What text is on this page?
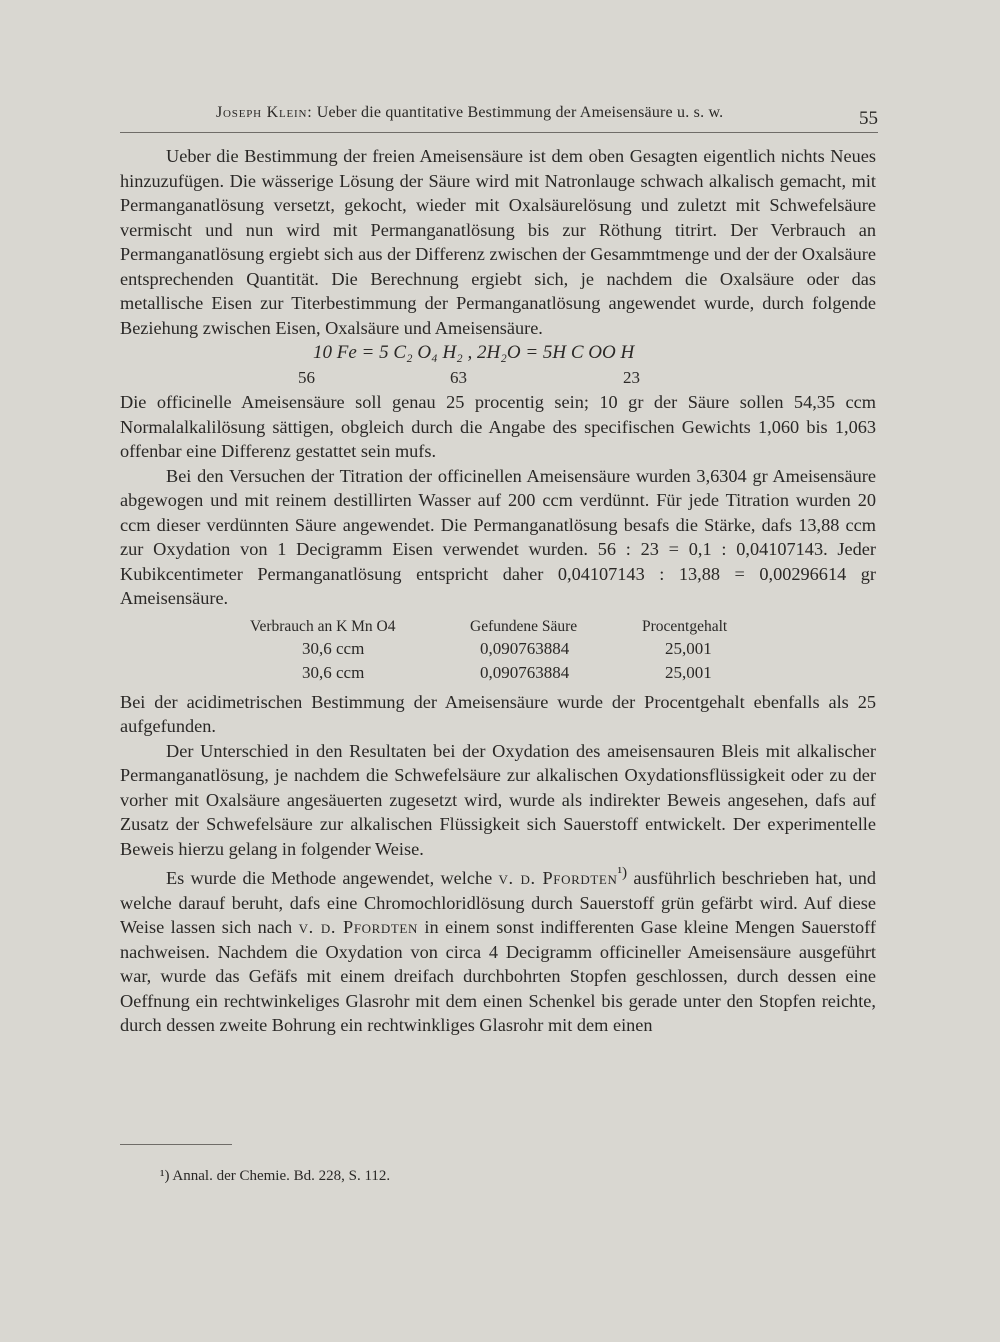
Joseph Klein: Ueber die quantitative Bestimmung der Ameisensäure u. s. w.	55

Ueber die Bestimmung der freien Ameisensäure ist dem oben Gesagten eigentlich nichts Neues hinzuzufügen. Die wässerige Lösung der Säure wird mit Natronlauge schwach alkalisch gemacht, mit Permanganatlösung versetzt, gekocht, wieder mit Oxalsäurelösung und zuletzt mit Schwefelsäure vermischt und nun wird mit Permanganatlösung bis zur Röthung titrirt. Der Verbrauch an Permanganatlösung ergiebt sich aus der Differenz zwischen der Gesammtmenge und der der Oxalsäure entsprechenden Quantität. Die Berechnung ergiebt sich, je nachdem die Oxalsäure oder das metallische Eisen zur Titerbestimmung der Permanganatlösung angewendet wurde, durch folgende Beziehung zwischen Eisen, Oxalsäure und Ameisensäure.

10 Fe = 5 C₂ O₄ H₂ , 2H₂O = 5H C OO H
56	63	23

Die officinelle Ameisensäure soll genau 25 procentig sein; 10 gr der Säure sollen 54,35 ccm Normalalkalilösung sättigen, obgleich durch die Angabe des specifischen Gewichts 1,060 bis 1,063 offenbar eine Differenz gestattet sein mufs.

Bei den Versuchen der Titration der officinellen Ameisensäure wurden 3,6304 gr Ameisensäure abgewogen und mit reinem destillirten Wasser auf 200 ccm verdünnt. Für jede Titration wurden 20 ccm dieser verdünnten Säure angewendet. Die Permanganatlösung besafs die Stärke, dafs 13,88 ccm zur Oxydation von 1 Decigramm Eisen verwendet wurden. 56 : 23 = 0,1 : 0,04107143. Jeder Kubikcentimeter Permanganatlösung entspricht daher 0,04107143 : 13,88 = 0,00296614 gr Ameisensäure.

Verbrauch an K Mn O4	Gefundene Säure	Procentgehalt
30,6 ccm	0,090763884	25,001
30,6 ccm	0,090763884	25,001

Bei der acidimetrischen Bestimmung der Ameisensäure wurde der Procentgehalt ebenfalls als 25 aufgefunden.

Der Unterschied in den Resultaten bei der Oxydation des ameisensauren Bleis mit alkalischer Permanganatlösung, je nachdem die Schwefelsäure zur alkalischen Oxydationsflüssigkeit oder zu der vorher mit Oxalsäure angesäuerten zugesetzt wird, wurde als indirekter Beweis angesehen, dafs auf Zusatz der Schwefelsäure zur alkalischen Flüssigkeit sich Sauerstoff entwickelt. Der experimentelle Beweis hierzu gelang in folgender Weise.

Es wurde die Methode angewendet, welche v. d. Pfordten$^{^1)}$ ausführlich beschrieben hat, und welche darauf beruht, dafs eine Chromochloridlösung durch Sauerstoff grün gefärbt wird. Auf diese Weise lassen sich nach v. d. Pfordten in einem sonst indifferenten Gase kleine Mengen Sauerstoff nachweisen. Nachdem die Oxydation von circa 4 Decigramm officineller Ameisensäure ausgeführt war, wurde das Gefäfs mit einem dreifach durchbohrten Stopfen geschlossen, durch dessen eine Oeffnung ein rechtwinkeliges Glasrohr mit dem einen Schenkel bis gerade unter den Stopfen reichte, durch dessen zweite Bohrung ein rechtwinkliges Glasrohr mit dem einen

¹) Annal. der Chemie. Bd. 228, S. 112.
